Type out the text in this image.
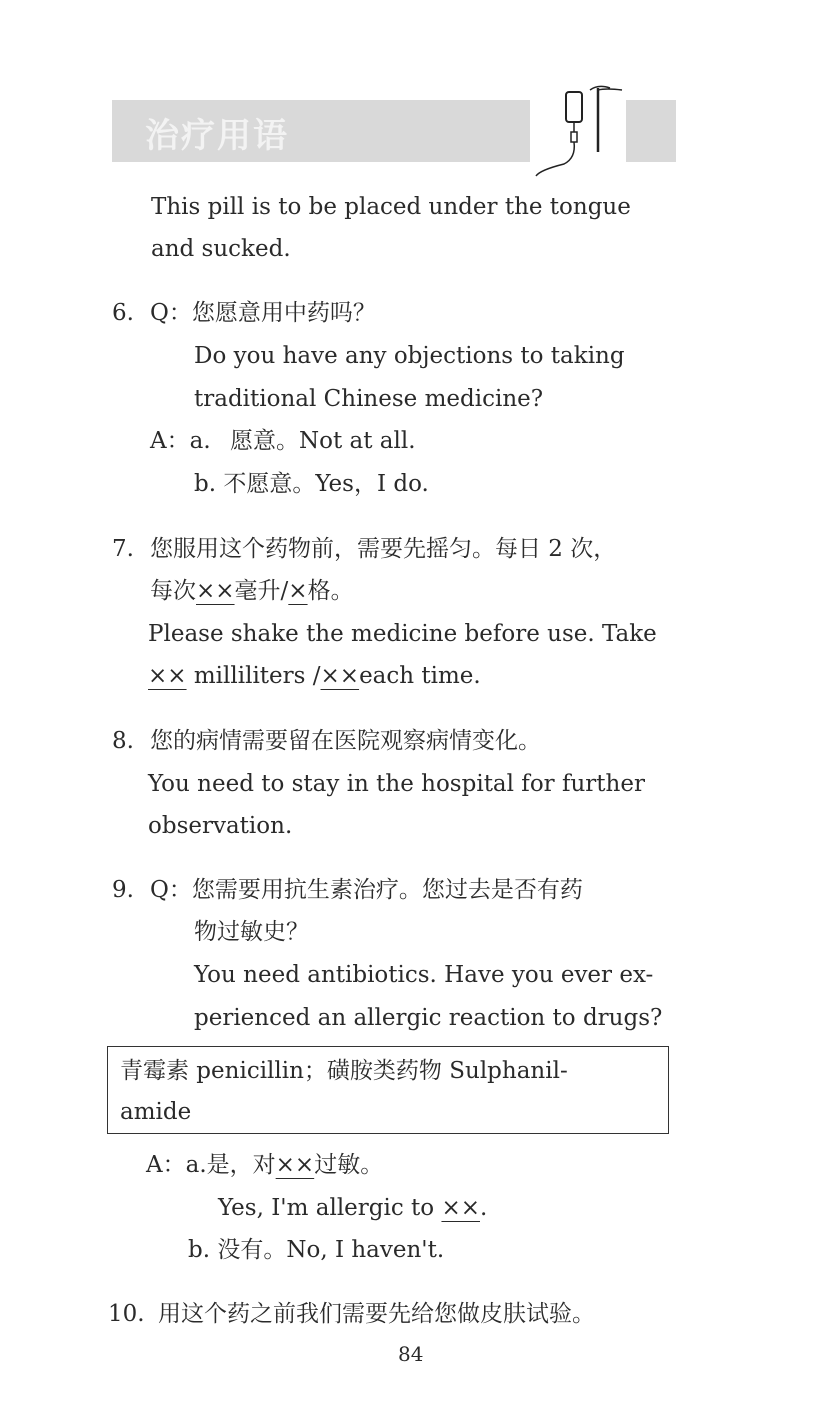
治疗用语
This pill is to be placed under the tongue
and sucked.
6. Q：您愿意用中药吗？
Do you have any objections to taking
traditional Chinese medicine?
A：a. 愿意。Not at all.
b. 不愿意。Yes，I do.
7. 您服用这个药物前，需要先摇匀。每日 2 次，
每次××毫升/×格。
Please shake the medicine before use. Take
×× milliliters /××each time.
8. 您的病情需要留在医院观察病情变化。
You need to stay in the hospital for further
observation.
9. Q：您需要用抗生素治疗。您过去是否有药
物过敏史？
You need antibiotics. Have you ever ex-
perienced an allergic reaction to drugs?
青霉素 penicillin；磺胺类药物 Sulphanil-
amide
A：a.是，对××过敏。
Yes, I'm allergic to ××.
b. 没有。No, I haven't.
10. 用这个药之前我们需要先给您做皮肤试验。
84
